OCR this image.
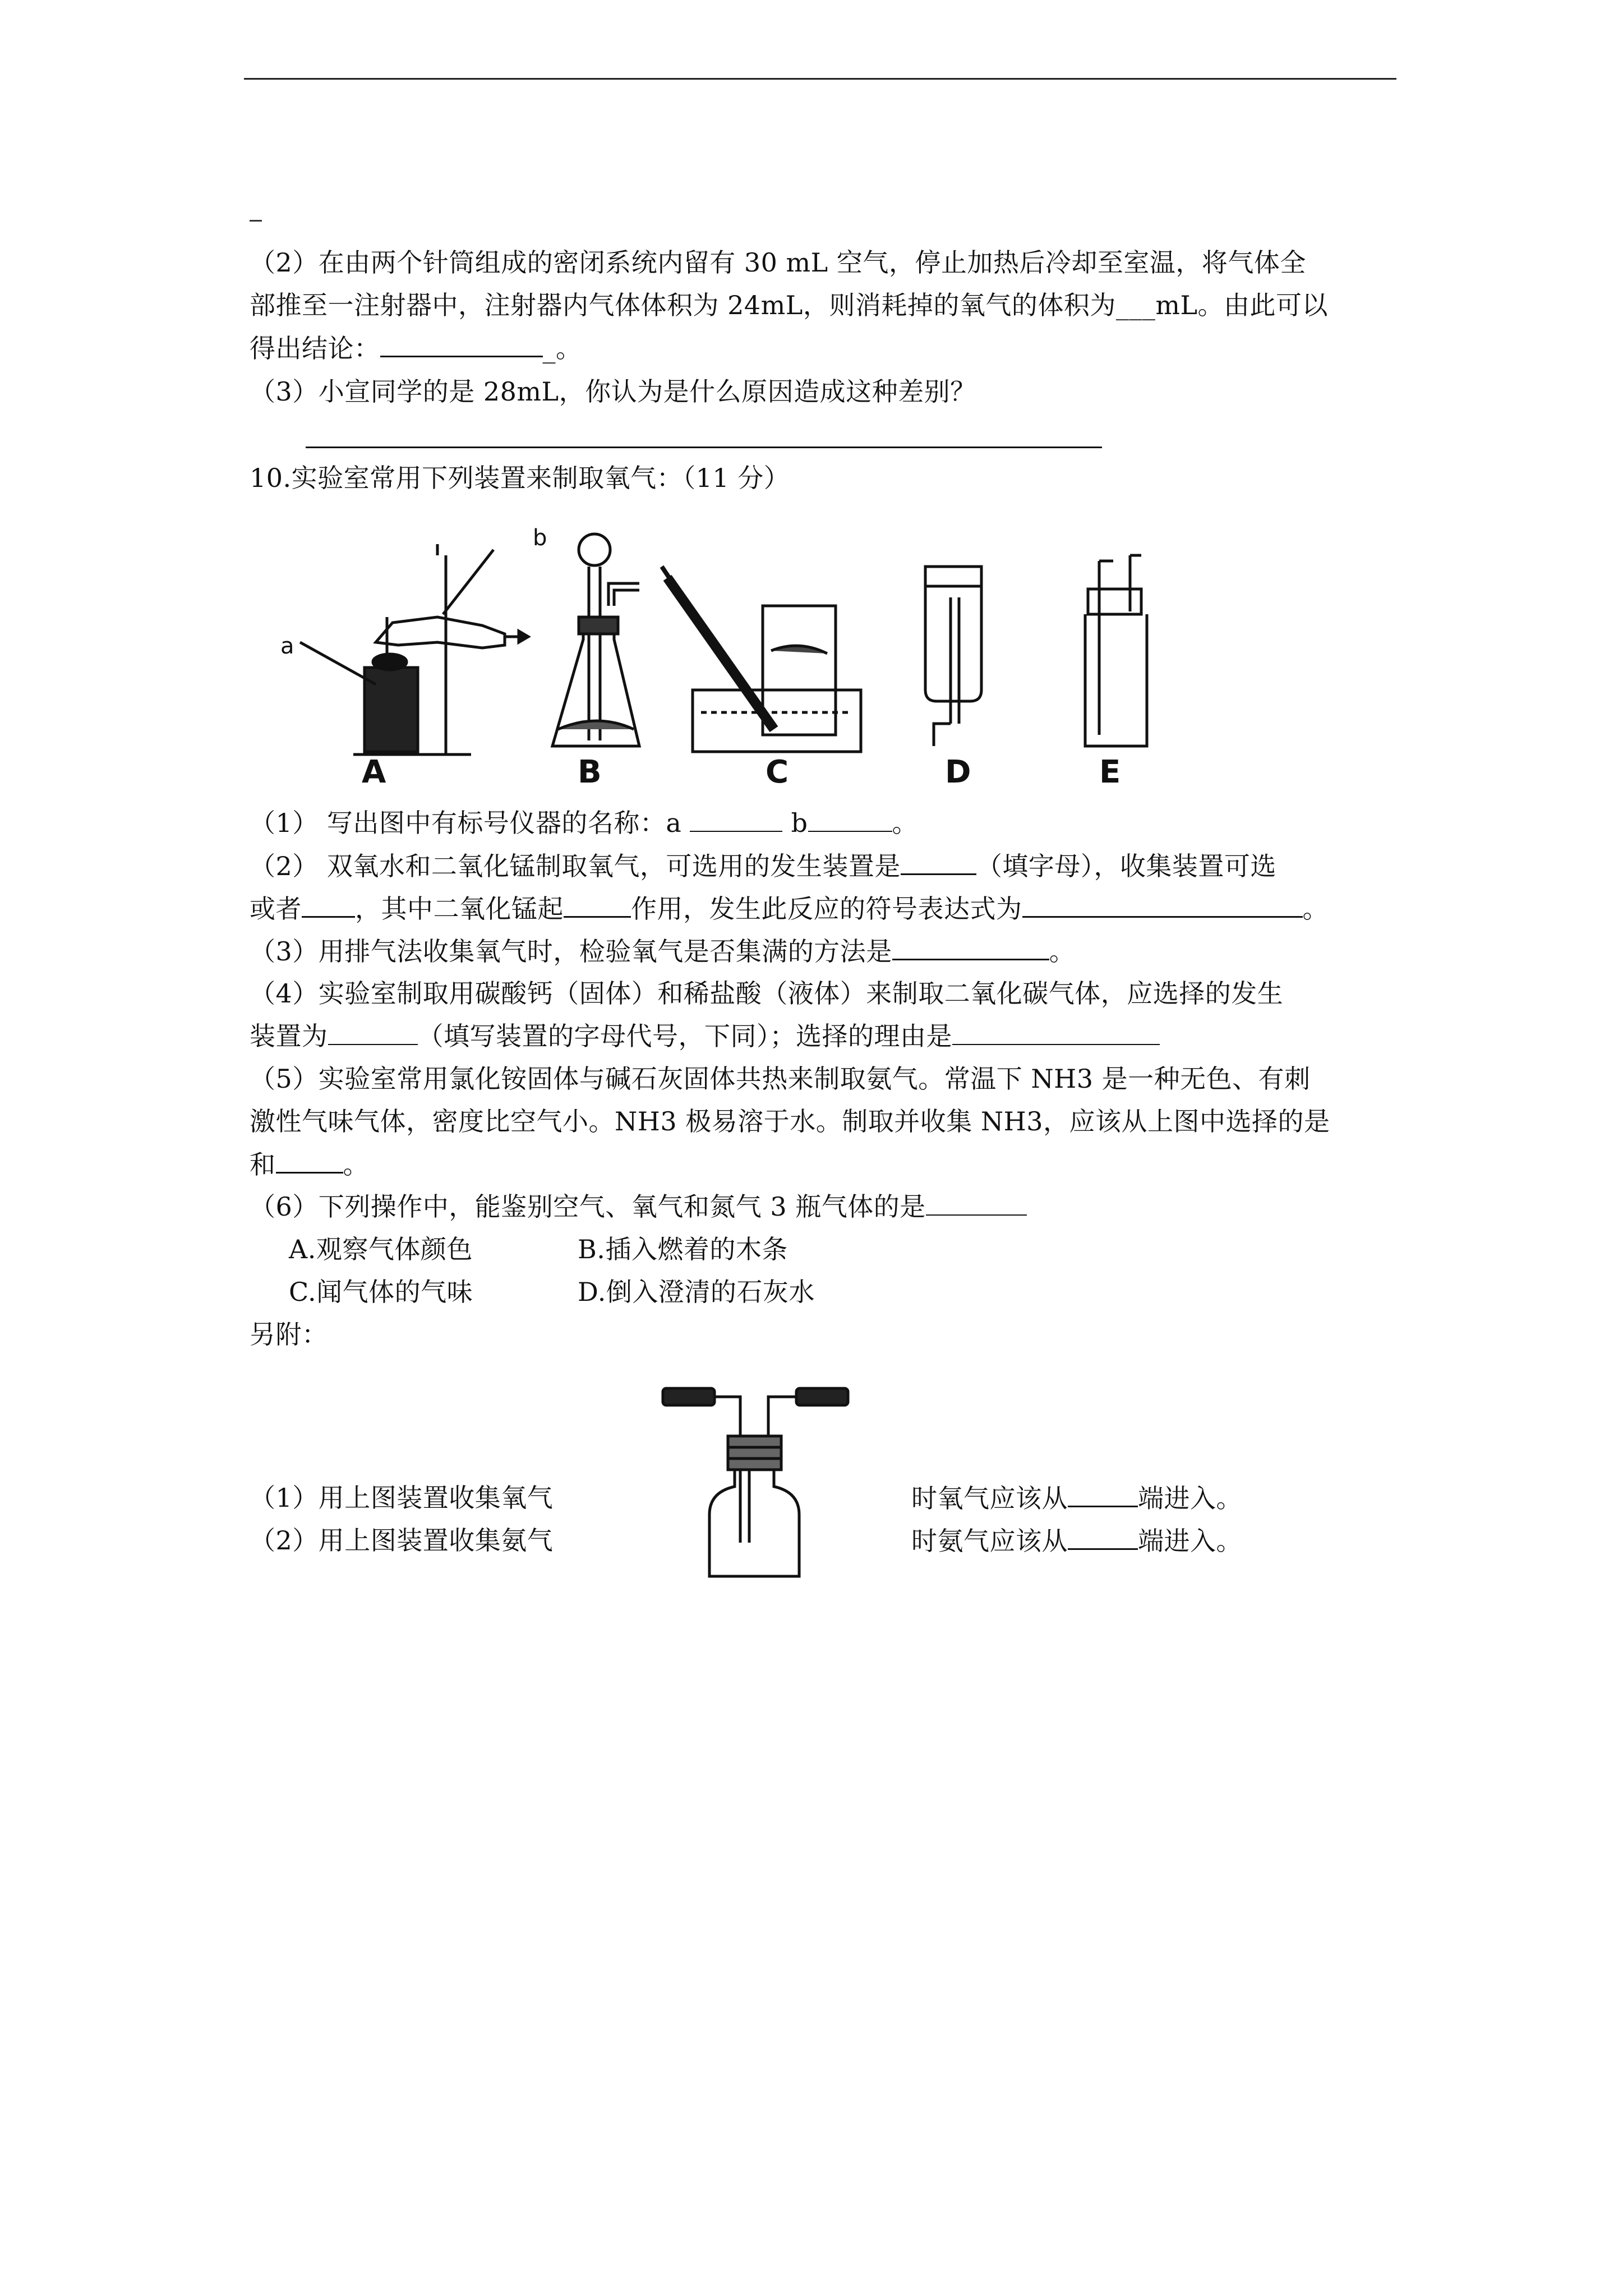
（2）在由两个针筒组成的密闭系统内留有 30 mL 空气，停止加热后冷却至室温，将气体全
部推至一注射器中，注射器内气体体积为 24mL，则消耗掉的氧气的体积为___mL。由此可以
得出结论：	_。
（3）小宣同学的是 28mL，你认为是什么原因造成这种差别？
10.实验室常用下列装置来制取氧气：（11 分）
a
A
b
B	C	D	E
（1） 写出图中有标号仪器的名称：a	b	。
（2） 双氧水和二氧化锰制取氧气，可选用的发生装置是	（填字母），收集装置可选
或者 ，其中二氧化锰起	作用，发生此反应的符号表达式为	。
（3）用排气法收集氧气时，检验氧气是否集满的方法是	。
（4）实验室制取用碳酸钙（固体）和稀盐酸（液体）来制取二氧化碳气体，应选择的发生
装置为	（填写装置的字母代号，下同）；选择的理由是
（5）实验室常用氯化铵固体与碱石灰固体共热来制取氨气。常温下 NH3 是一种无色、有刺
激性气味气体，密度比空气小。NH3 极易溶于水。制取并收集 NH3，应该从上图中选择的是
和	。
（6）下列操作中，能鉴别空气、氧气和氮气 3 瓶气体的是
A.观察气体颜色	B.插入燃着的木条
C.闻气体的气味	D.倒入澄清的石灰水
另附：
（1）用上图装置收集氧气	时氧气应该从	端进入。
（2）用上图装置收集氨气	时氨气应该从	端进入。
